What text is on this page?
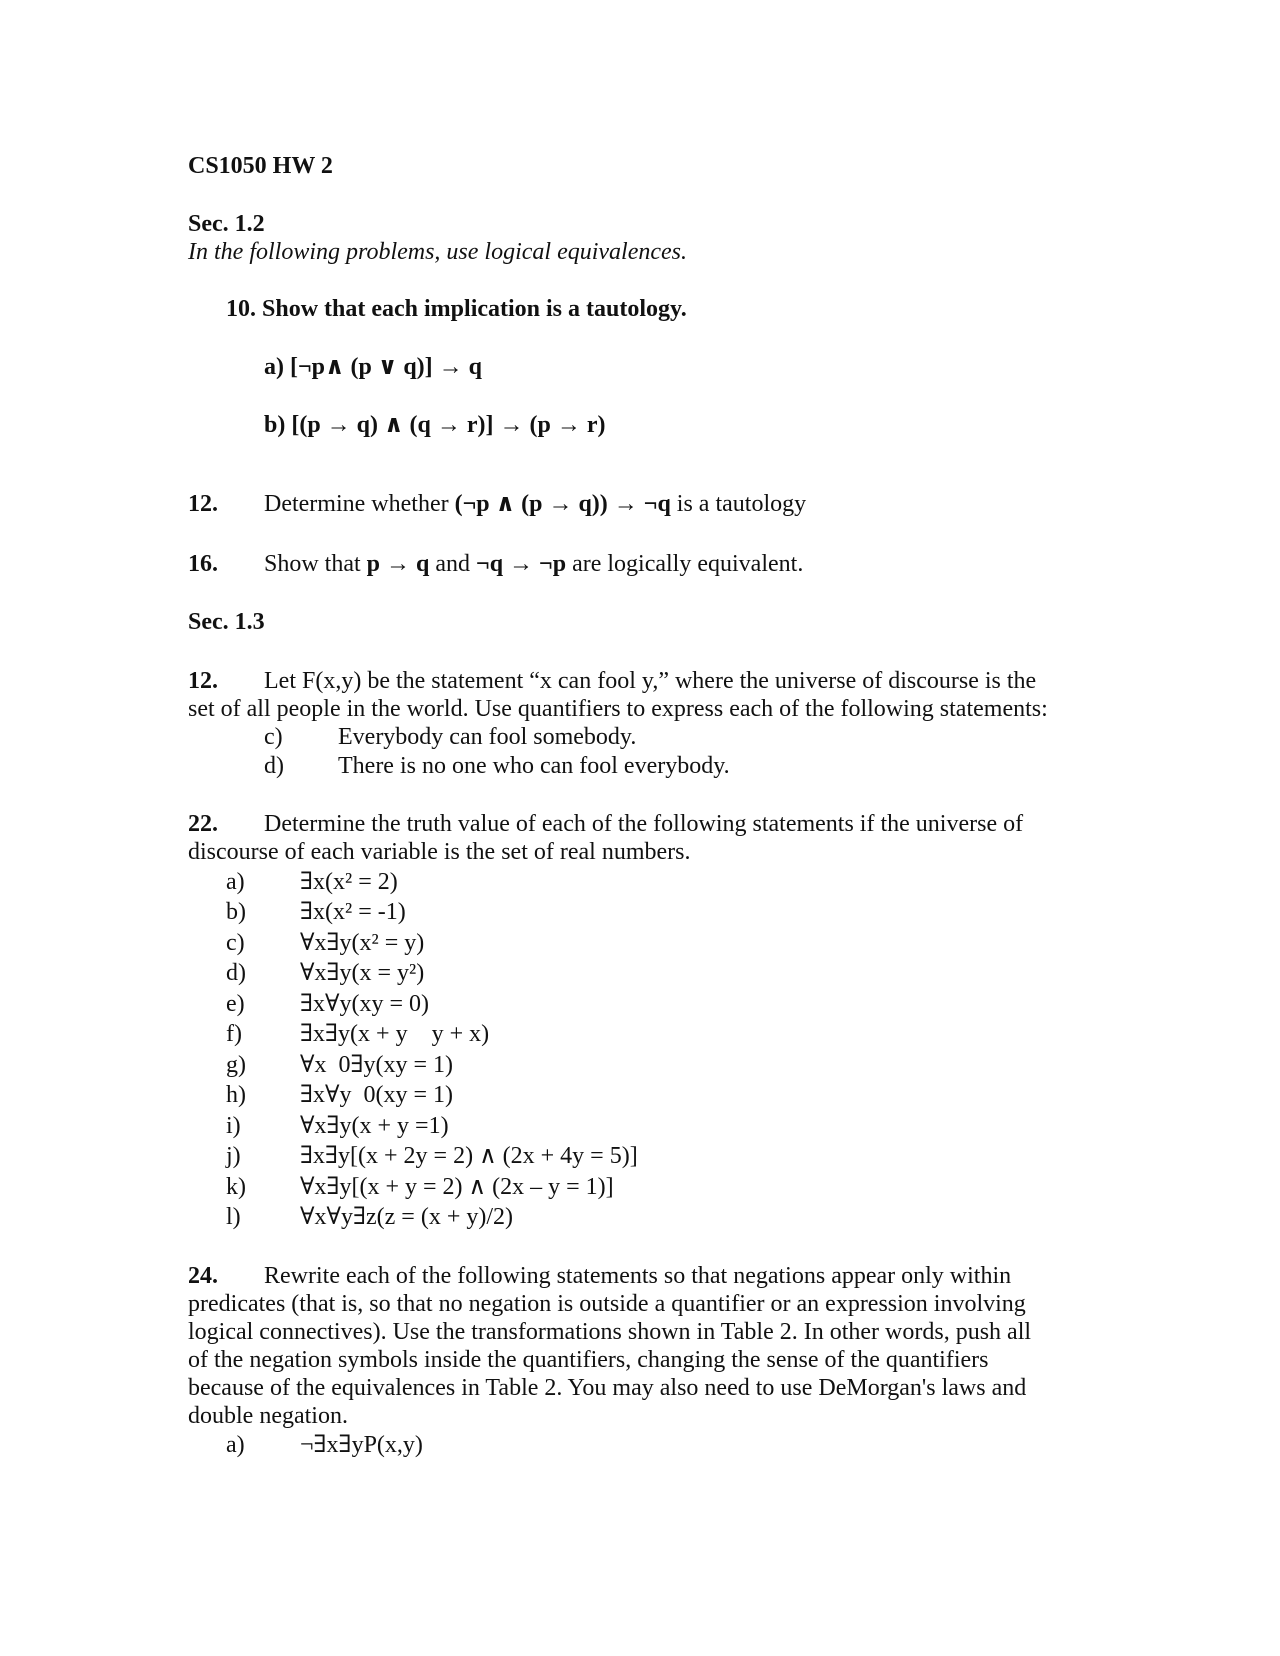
CS1050 HW 2
Sec. 1.2
In the following problems, use logical equivalences.
10. Show that each implication is a tautology.
a) [¬p∧ (p ∨ q)] → q
b) [(p → q) ∧ (q → r)] → (p → r)
12. Determine whether (¬p ∧ (p → q)) → ¬q is a tautology
16. Show that p → q and ¬q → ¬p are logically equivalent.
Sec. 1.3
12. Let F(x,y) be the statement “x can fool y,” where the universe of discourse is the
set of all people in the world. Use quantifiers to express each of the following statements:
c) Everybody can fool somebody.
d) There is no one who can fool everybody.
22. Determine the truth value of each of the following statements if the universe of
discourse of each variable is the set of real numbers.
a) ∃x(x² = 2)
b) ∃x(x² = -1)
c) ∀x∃y(x² = y)
d) ∀x∃y(x = y²)
e) ∃x∀y(xy = 0)
f) ∃x∃y(x + y    y + x)
g) ∀x  0∃y(xy = 1)
h) ∃x∀y  0(xy = 1)
i) ∀x∃y(x + y =1)
j) ∃x∃y[(x + 2y = 2) ∧ (2x + 4y = 5)]
k) ∀x∃y[(x + y = 2) ∧ (2x – y = 1)]
l) ∀x∀y∃z(z = (x + y)/2)
24. Rewrite each of the following statements so that negations appear only within
predicates (that is, so that no negation is outside a quantifier or an expression involving
logical connectives). Use the transformations shown in Table 2. In other words, push all
of the negation symbols inside the quantifiers, changing the sense of the quantifiers
because of the equivalences in Table 2. You may also need to use DeMorgan's laws and
double negation.
a) ¬∃x∃yP(x,y)
